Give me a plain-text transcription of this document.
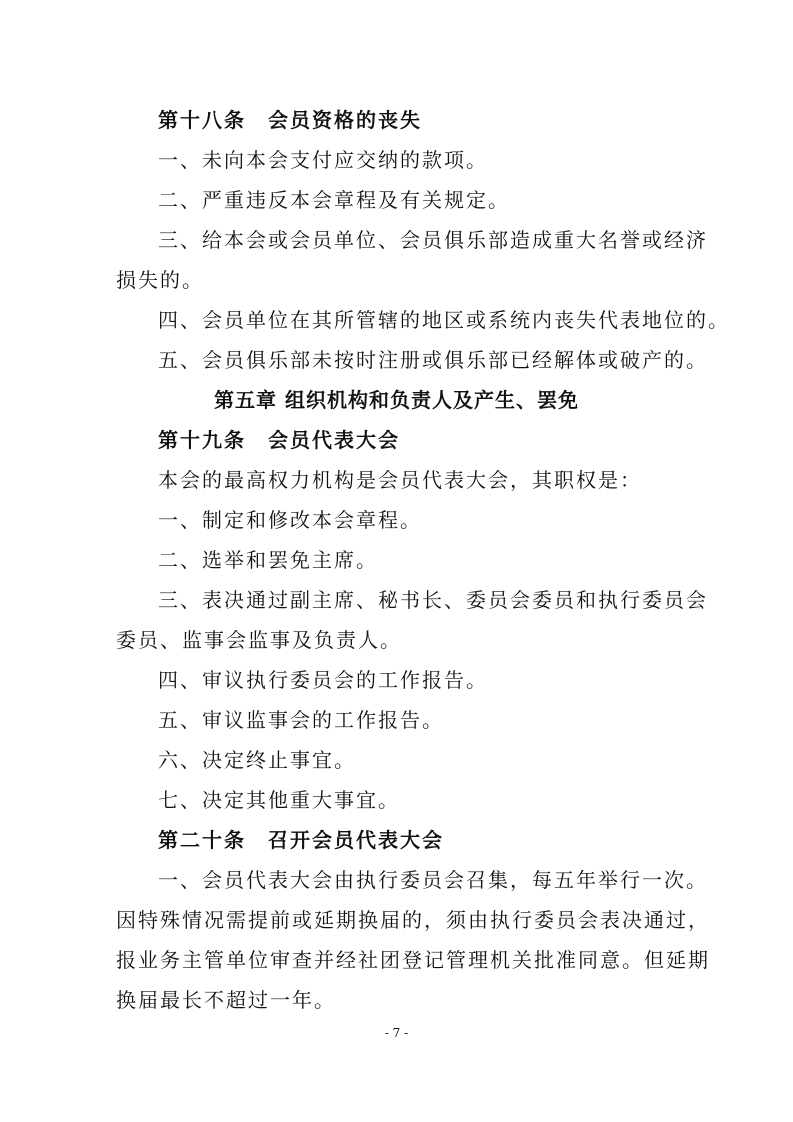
第十八条　会员资格的丧失
一、未向本会支付应交纳的款项。
二、严重违反本会章程及有关规定。
三、给本会或会员单位、会员俱乐部造成重大名誉或经济
损失的。
四、会员单位在其所管辖的地区或系统内丧失代表地位的。
五、会员俱乐部未按时注册或俱乐部已经解体或破产的。
第五章 组织机构和负责人及产生、罢免
第十九条　会员代表大会
本会的最高权力机构是会员代表大会，其职权是：
一、制定和修改本会章程。
二、选举和罢免主席。
三、表决通过副主席、秘书长、委员会委员和执行委员会
委员、监事会监事及负责人。
四、审议执行委员会的工作报告。
五、审议监事会的工作报告。
六、决定终止事宜。
七、决定其他重大事宜。
第二十条　召开会员代表大会
一、会员代表大会由执行委员会召集，每五年举行一次。
因特殊情况需提前或延期换届的，须由执行委员会表决通过，
报业务主管单位审查并经社团登记管理机关批准同意。但延期
换届最长不超过一年。
- 7 -
